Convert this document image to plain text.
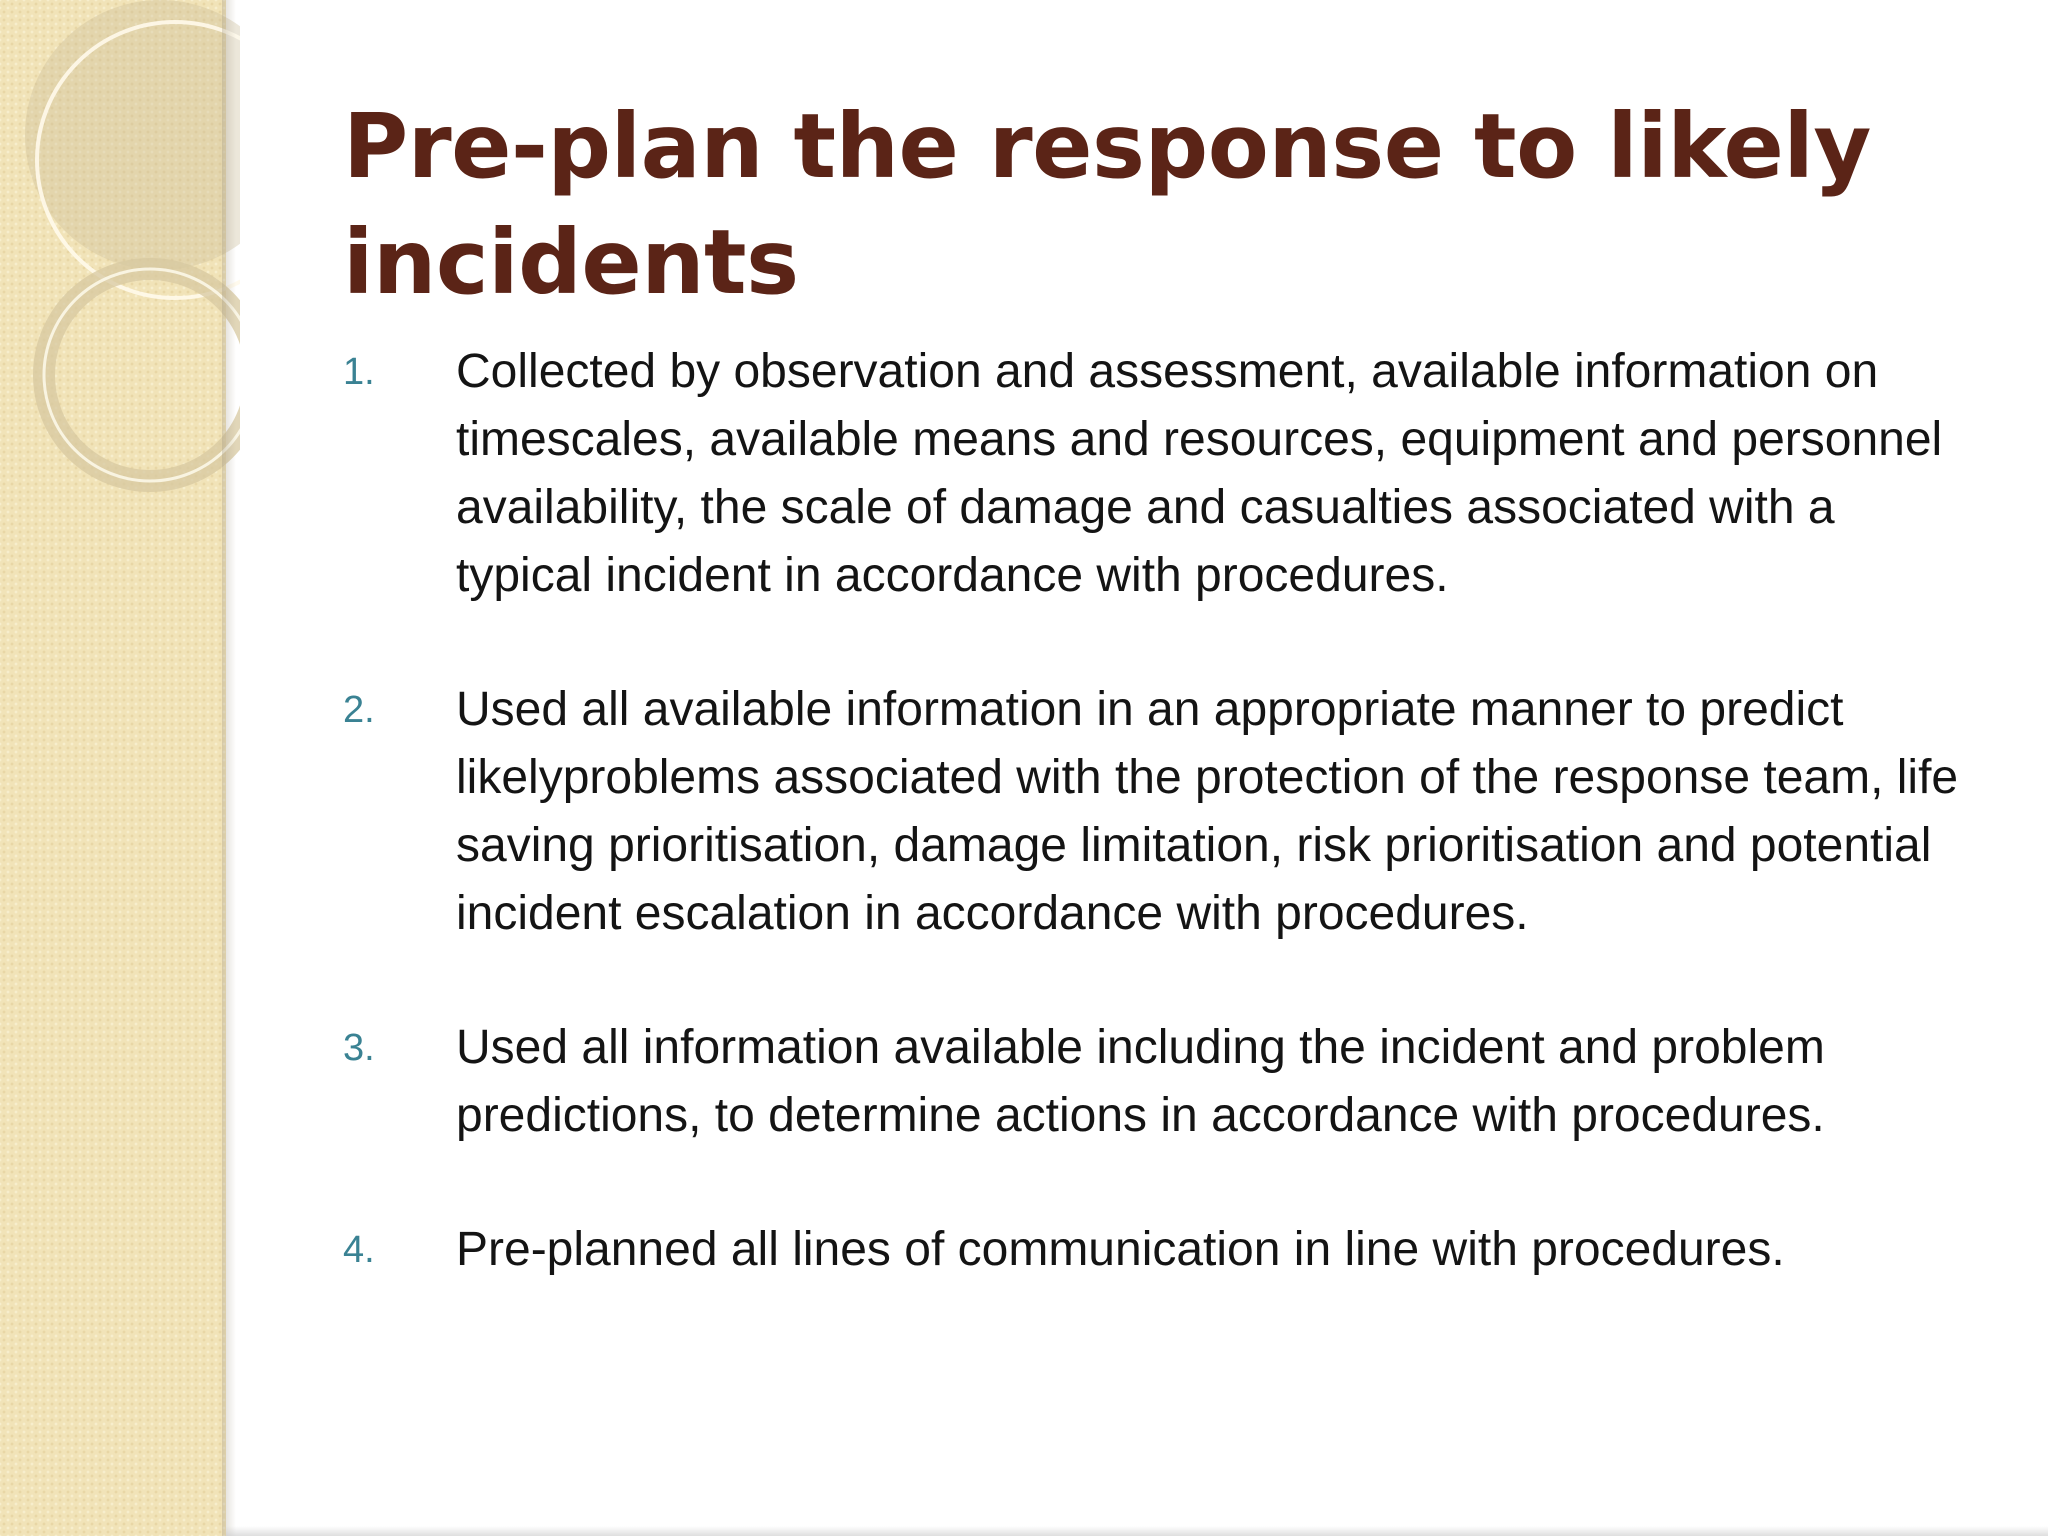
Pre-plan the response to likely incidents
1.	Collected by observation and assessment, available information on timescales, available means and resources, equipment and personnel availability, the scale of damage and casualties associated with a typical incident in accordance with procedures.
2.	Used all available information in an appropriate manner to predict likelyproblems associated with the protection of the response team, life saving prioritisation, damage limitation, risk prioritisation and potential incident escalation in accordance with procedures.
3.	Used all information available including the incident and problem predictions, to determine actions in accordance with procedures.
4.	Pre-planned all lines of communication in line with procedures.
